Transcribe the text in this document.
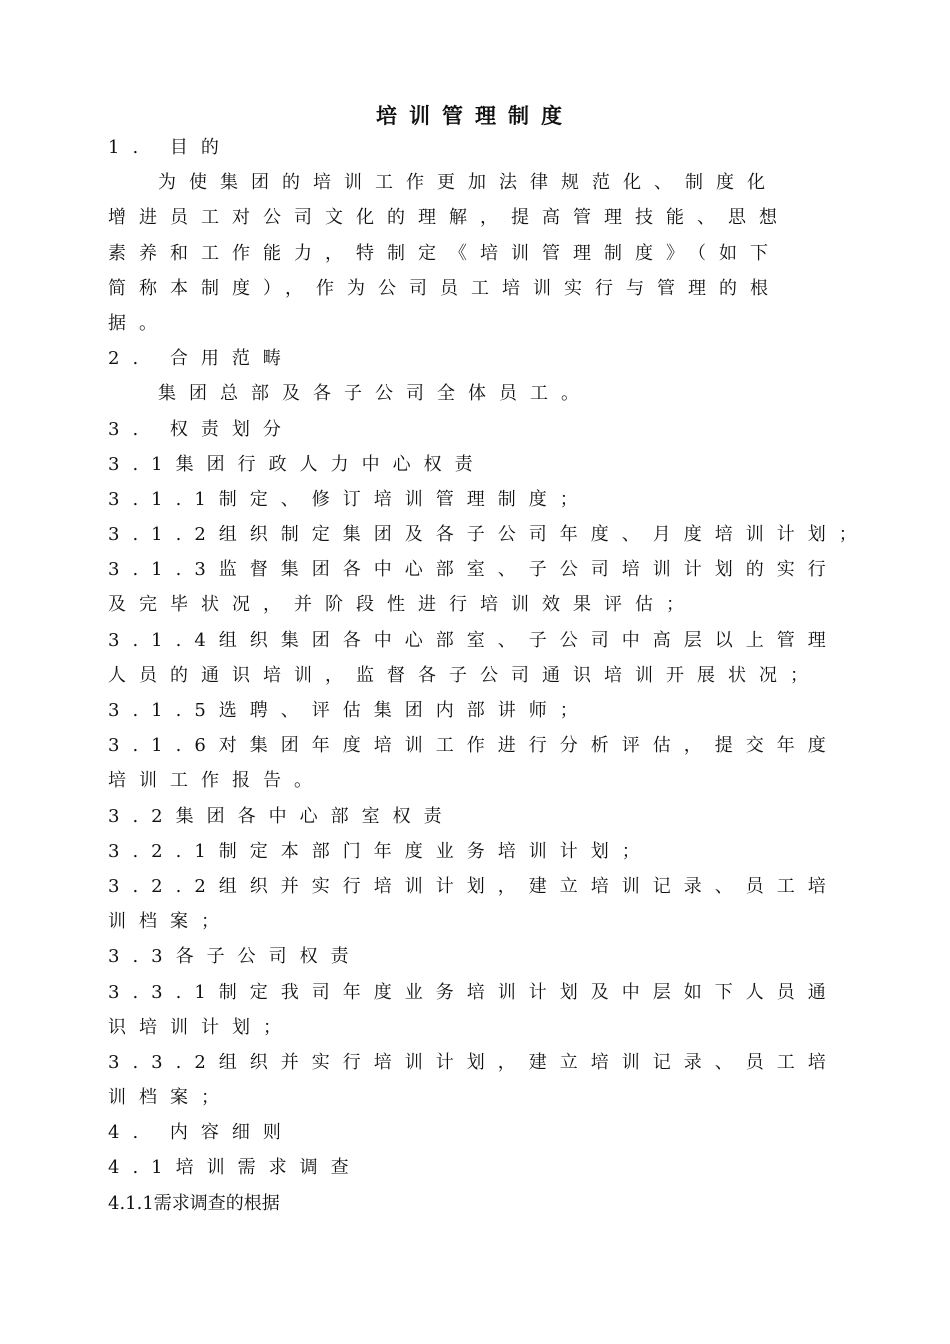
培训管理制度
1. 目的
为使集团的培训工作更加法律规范化、制度化
增进员工对公司文化的理解，提高管理技能、思想
素养和工作能力，特制定《培训管理制度》（如下
简称本制度），作为公司员工培训实行与管理的根
据。
2. 合用范畴
集团总部及各子公司全体员工。
3. 权责划分
3.1集团行政人力中心权责
3.1.1制定、修订培训管理制度；
3.1.2组织制定集团及各子公司年度、月度培训计划；
3.1.3监督集团各中心部室、子公司培训计划的实行
及完毕状况，并阶段性进行培训效果评估；
3.1.4组织集团各中心部室、子公司中高层以上管理
人员的通识培训，监督各子公司通识培训开展状况；
3.1.5选聘、评估集团内部讲师；
3.1.6对集团年度培训工作进行分析评估，提交年度
培训工作报告。
3.2集团各中心部室权责
3.2.1制定本部门年度业务培训计划；
3.2.2组织并实行培训计划，建立培训记录、员工培
训档案；
3.3各子公司权责
3.3.1制定我司年度业务培训计划及中层如下人员通
识培训计划；
3.3.2组织并实行培训计划，建立培训记录、员工培
训档案；
4. 内容细则
4.1培训需求调查
4.1.1需求调查的根据
